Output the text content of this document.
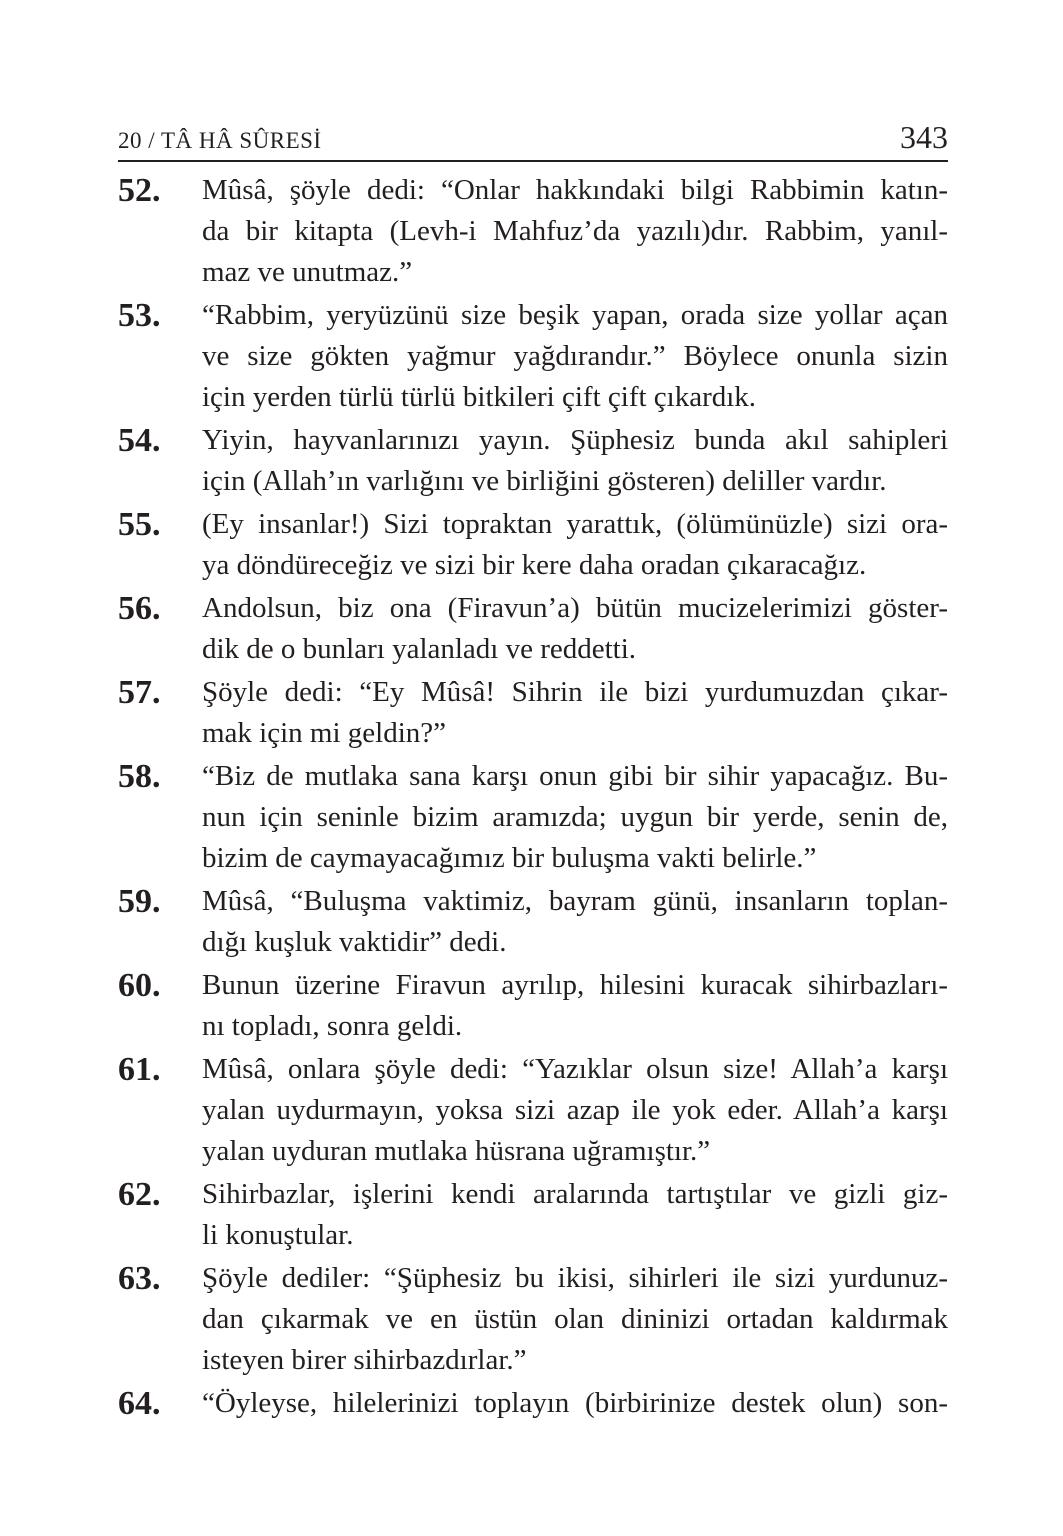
20 / TÂ HÂ SÛRESİ	343
52.	Mûsâ, şöyle dedi: “Onlar hakkındaki bilgi Rabbimin katın-
da bir kitapta (Levh-i Mahfuz’da yazılı)dır. Rabbim, yanıl-
maz ve unutmaz.”
53.	“Rabbim, yeryüzünü size beşik yapan, orada size yollar açan
ve size gökten yağmur yağdırandır.” Böylece onunla sizin
için yerden türlü türlü bitkileri çift çift çıkardık.
54.	Yiyin, hayvanlarınızı yayın. Şüphesiz bunda akıl sahipleri
için (Allah’ın varlığını ve birliğini gösteren) deliller vardır.
55.	(Ey insanlar!) Sizi topraktan yarattık, (ölümünüzle) sizi ora-
ya döndüreceğiz ve sizi bir kere daha oradan çıkaracağız.
56.	Andolsun, biz ona (Firavun’a) bütün mucizelerimizi göster-
dik de o bunları yalanladı ve reddetti.
57.	Şöyle dedi: “Ey Mûsâ! Sihrin ile bizi yurdumuzdan çıkar-
mak için mi geldin?”
58.	“Biz de mutlaka sana karşı onun gibi bir sihir yapacağız. Bu-
nun için seninle bizim aramızda; uygun bir yerde, senin de,
bizim de caymayacağımız bir buluşma vakti belirle.”
59.	Mûsâ, “Buluşma vaktimiz, bayram günü, insanların toplan-
dığı kuşluk vaktidir” dedi.
60.	Bunun üzerine Firavun ayrılıp, hilesini kuracak sihirbazları-
nı topladı, sonra geldi.
61.	Mûsâ, onlara şöyle dedi: “Yazıklar olsun size! Allah’a karşı
yalan uydurmayın, yoksa sizi azap ile yok eder. Allah’a karşı
yalan uyduran mutlaka hüsrana uğramıştır.”
62.	Sihirbazlar, işlerini kendi aralarında tartıştılar ve gizli giz-
li konuştular.
63.	Şöyle dediler: “Şüphesiz bu ikisi, sihirleri ile sizi yurdunuz-
dan çıkarmak ve en üstün olan dininizi ortadan kaldırmak
isteyen birer sihirbazdırlar.”
64.	“Öyleyse, hilelerinizi toplayın (birbirinize destek olun) son-
